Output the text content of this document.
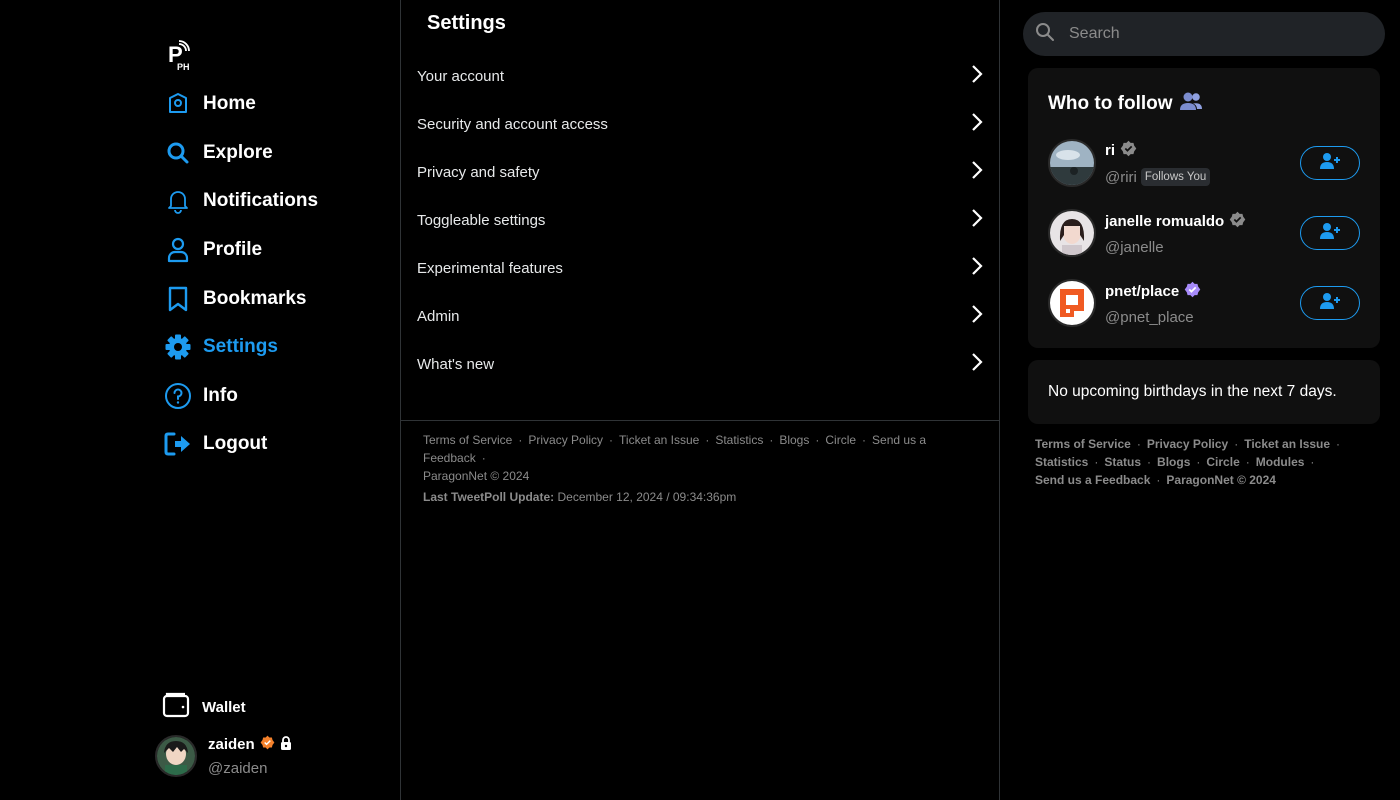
P
PH
Home
Explore
Notifications
Profile
Bookmarks
Settings
Info
Logout
Wallet
zaiden
@zaiden
Settings
Your account
Security and account access
Privacy and safety
Toggleable settings
Experimental features
Admin
What's new
Terms of Service · Privacy Policy · Ticket an Issue · Statistics · Blogs · Circle · Send us a Feedback ·
ParagonNet © 2024
Last TweetPoll Update: December 12, 2024 / 09:34:36pm
Search
Who to follow
ri
@riri Follows You
janelle romualdo
@janelle
pnet/place
@pnet_place
No upcoming birthdays in the next 7 days.
Terms of Service · Privacy Policy · Ticket an Issue ·
Statistics · Status · Blogs · Circle · Modules ·
Send us a Feedback · ParagonNet © 2024
